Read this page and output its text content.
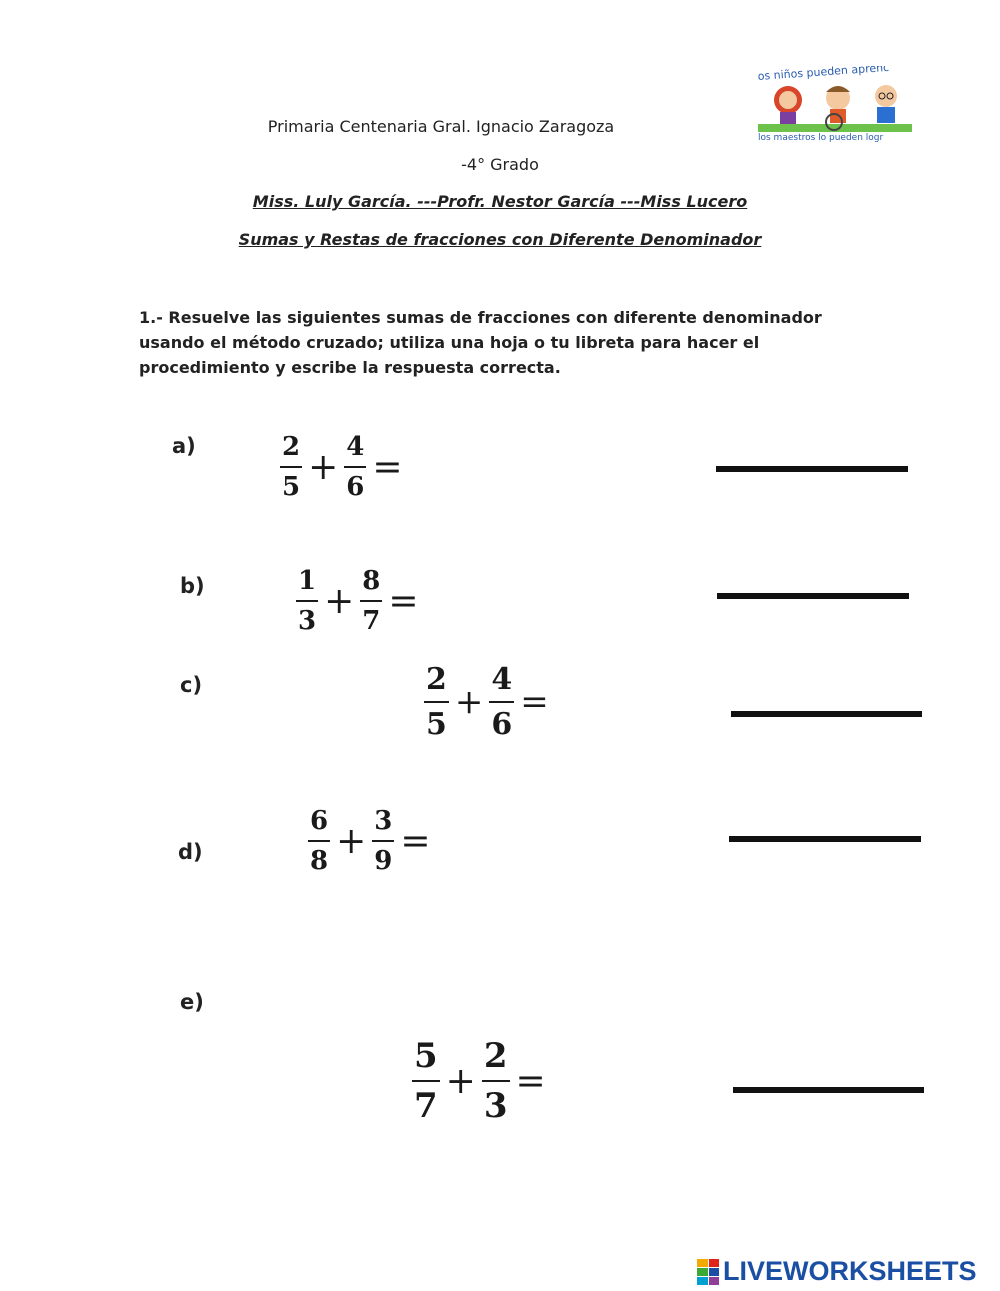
Primaria Centenaria Gral. Ignacio Zaragoza
-4° Grado
Miss. Luly García. ---Profr. Nestor García ---Miss Lucero
Sumas y Restas de fracciones con Diferente Denominador
os niños pueden aprenc
los maestros lo pueden logr
1.- Resuelve las siguientes sumas de fracciones con diferente denominador usando el método cruzado; utiliza una hoja o tu libreta para hacer el procedimiento y escribe la respuesta correcta.
a)	$\frac{2}{5} + \frac{4}{6}$ =
b)	$\frac{1}{3} + \frac{8}{7}$ =
c)	$\frac{2}{5} + \frac{4}{6}$ =
d)	$\frac{6}{8} + \frac{3}{9}$ =
e)
$\frac{5}{7} + \frac{2}{3}$ =
LIVEWORKSHEETS
